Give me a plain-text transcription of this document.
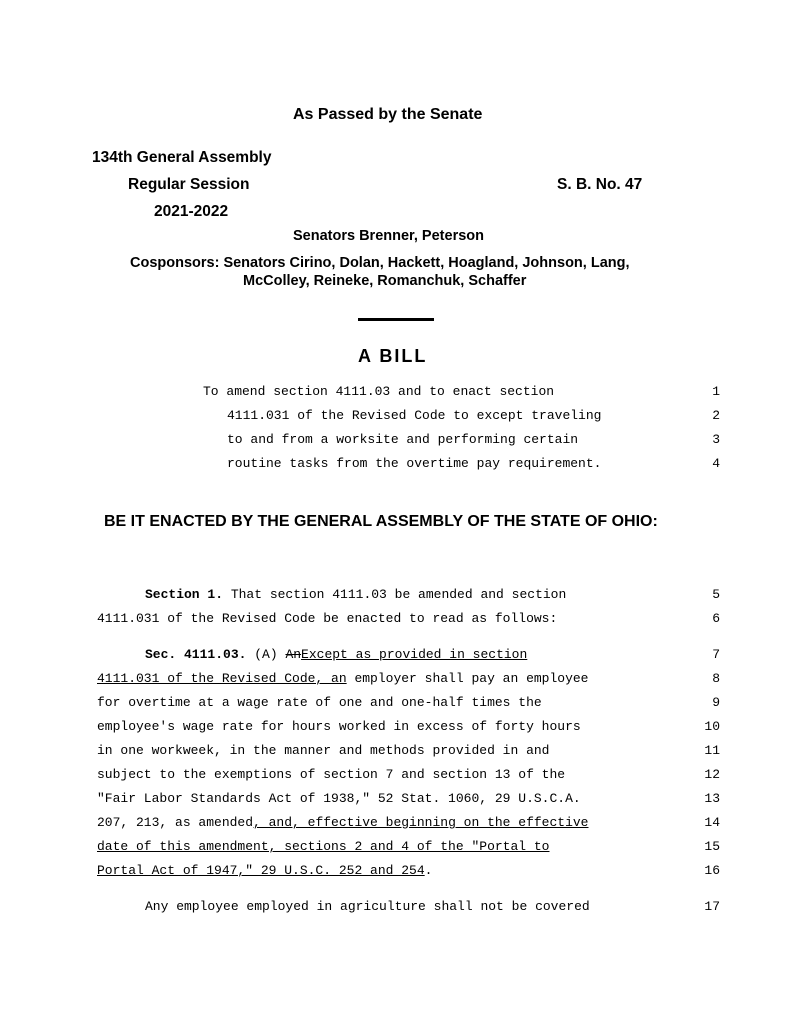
As Passed by the Senate
134th General Assembly
Regular Session	S. B. No. 47
2021-2022
Senators Brenner, Peterson
Cosponsors: Senators Cirino, Dolan, Hackett, Hoagland, Johnson, Lang,
McColley, Reineke, Romanchuk, Schaffer
A BILL
To amend section 4111.03 and to enact section	1
4111.031 of the Revised Code to except traveling	2
to and from a worksite and performing certain	3
routine tasks from the overtime pay requirement.	4
BE IT ENACTED BY THE GENERAL ASSEMBLY OF THE STATE OF OHIO:
Section 1. That section 4111.03 be amended and section	5
4111.031 of the Revised Code be enacted to read as follows:	6
Sec. 4111.03. (A) AnExcept as provided in section	7
4111.031 of the Revised Code, an employer shall pay an employee	8
for overtime at a wage rate of one and one-half times the	9
employee's wage rate for hours worked in excess of forty hours	10
in one workweek, in the manner and methods provided in and	11
subject to the exemptions of section 7 and section 13 of the	12
"Fair Labor Standards Act of 1938," 52 Stat. 1060, 29 U.S.C.A.	13
207, 213, as amended, and, effective beginning on the effective	14
date of this amendment, sections 2 and 4 of the "Portal to	15
Portal Act of 1947," 29 U.S.C. 252 and 254.	16
Any employee employed in agriculture shall not be covered	17
